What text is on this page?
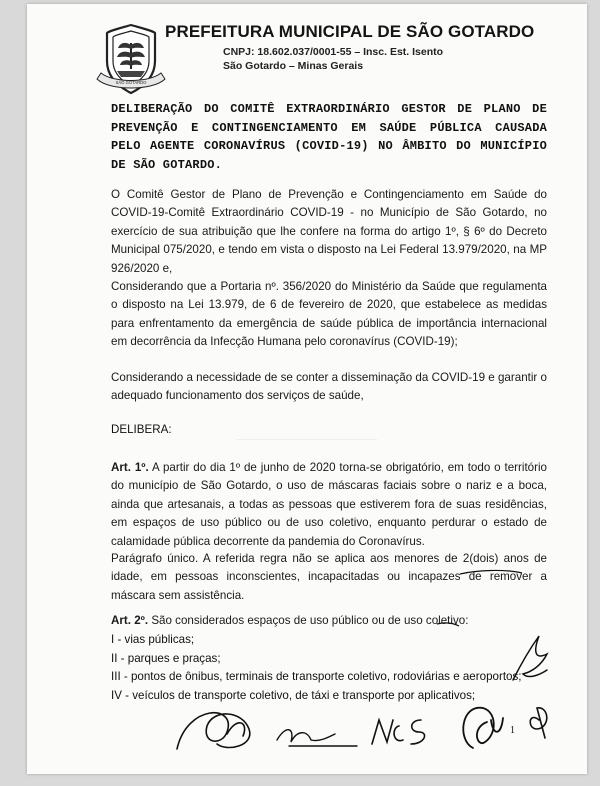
SÃO GOTARDO
PREFEITURA MUNICIPAL DE SÃO GOTARDO
CNPJ: 18.602.037/0001-55 – Insc. Est. Isento
São Gotardo – Minas Gerais
DELIBERAÇÃO DO COMITÊ EXTRAORDINÁRIO GESTOR DE PLANO DE PREVENÇÃO E CONTINGENCIAMENTO EM SAÚDE PÚBLICA CAUSADA PELO AGENTE CORONAVÍRUS (COVID-19) NO ÂMBITO DO MUNICÍPIO DE SÃO GOTARDO.
O Comitê Gestor de Plano de Prevenção e Contingenciamento em Saúde do COVID-19-Comitê Extraordinário COVID-19 - no Município de São Gotardo, no exercício de sua atribuição que lhe confere na forma do artigo 1º, § 6º do Decreto Municipal 075/2020, e tendo em vista o disposto na Lei Federal 13.979/2020, na MP 926/2020 e,
Considerando que a Portaria nº. 356/2020 do Ministério da Saúde que regulamenta o disposto na Lei 13.979, de 6 de fevereiro de 2020, que estabelece as medidas para enfrentamento da emergência de saúde pública de importância internacional em decorrência da Infecção Humana pelo coronavírus (COVID-19);
Considerando a necessidade de se conter a disseminação da COVID-19 e garantir o adequado funcionamento dos serviços de saúde,
DELIBERA:
Art. 1º. A partir do dia 1º de junho de 2020 torna-se obrigatório, em todo o território do município de São Gotardo, o uso de máscaras faciais sobre o nariz e a boca, ainda que artesanais, a todas as pessoas que estiverem fora de suas residências, em espaços de uso público ou de uso coletivo, enquanto perdurar o estado de calamidade pública decorrente da pandemia do Coronavírus.
Parágrafo único. A referida regra não se aplica aos menores de 2(dois) anos de idade, em pessoas inconscientes, incapacitadas ou incapazes de remover a máscara sem assistência.
Art. 2º. São considerados espaços de uso público ou de uso coletivo:
I - vias públicas;
II - parques e praças;
III - pontos de ônibus, terminais de transporte coletivo, rodoviárias e aeroportos;
IV - veículos de transporte coletivo, de táxi e transporte por aplicativos;
1
